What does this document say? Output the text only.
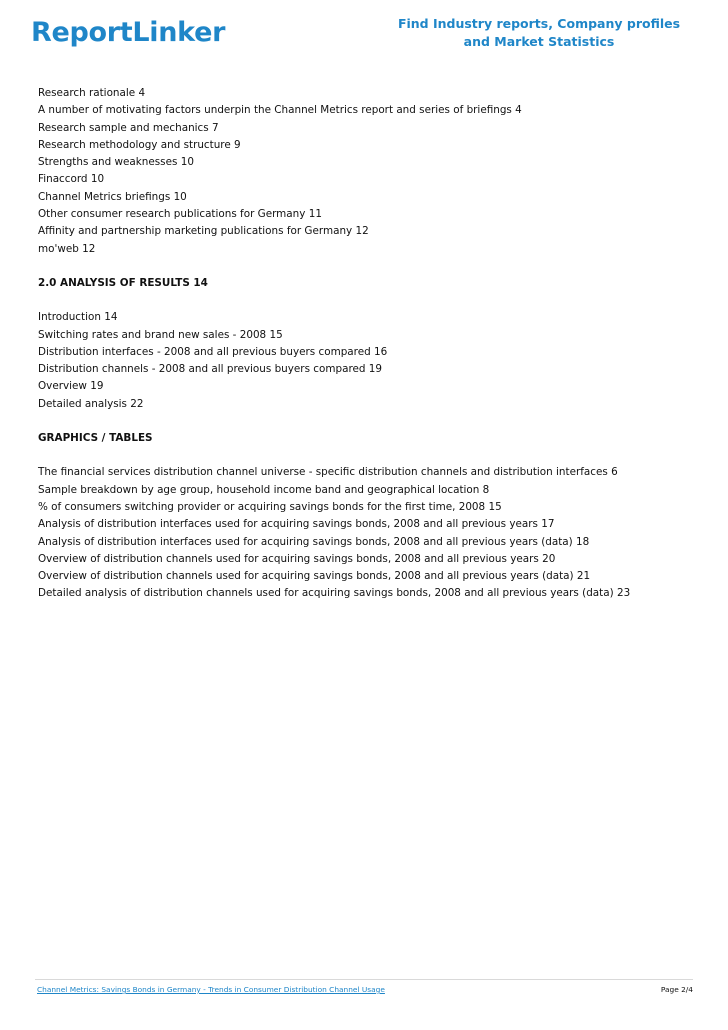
ReportLinker	Find Industry reports, Company profiles
and Market Statistics
Research rationale 4
A number of motivating factors underpin the Channel Metrics report and series of briefings 4
Research sample and mechanics 7
Research methodology and structure 9
Strengths and weaknesses 10
Finaccord 10
Channel Metrics briefings 10
Other consumer research publications for Germany 11
Affinity and partnership marketing publications for Germany 12
mo'web 12
2.0 ANALYSIS OF RESULTS 14
Introduction 14
Switching rates and brand new sales - 2008 15
Distribution interfaces - 2008 and all previous buyers compared 16
Distribution channels - 2008 and all previous buyers compared 19
Overview 19
Detailed analysis 22
GRAPHICS / TABLES
The financial services distribution channel universe - specific distribution channels and distribution interfaces 6
Sample breakdown by age group, household income band and geographical location 8
% of consumers switching provider or acquiring savings bonds for the first time, 2008 15
Analysis of distribution interfaces used for acquiring savings bonds, 2008 and all previous years 17
Analysis of distribution interfaces used for acquiring savings bonds, 2008 and all previous years (data) 18
Overview of distribution channels used for acquiring savings bonds, 2008 and all previous years 20
Overview of distribution channels used for acquiring savings bonds, 2008 and all previous years (data) 21
Detailed analysis of distribution channels used for acquiring savings bonds, 2008 and all previous years (data) 23
Channel Metrics: Savings Bonds in Germany - Trends in Consumer Distribution Channel Usage	Page 2/4
